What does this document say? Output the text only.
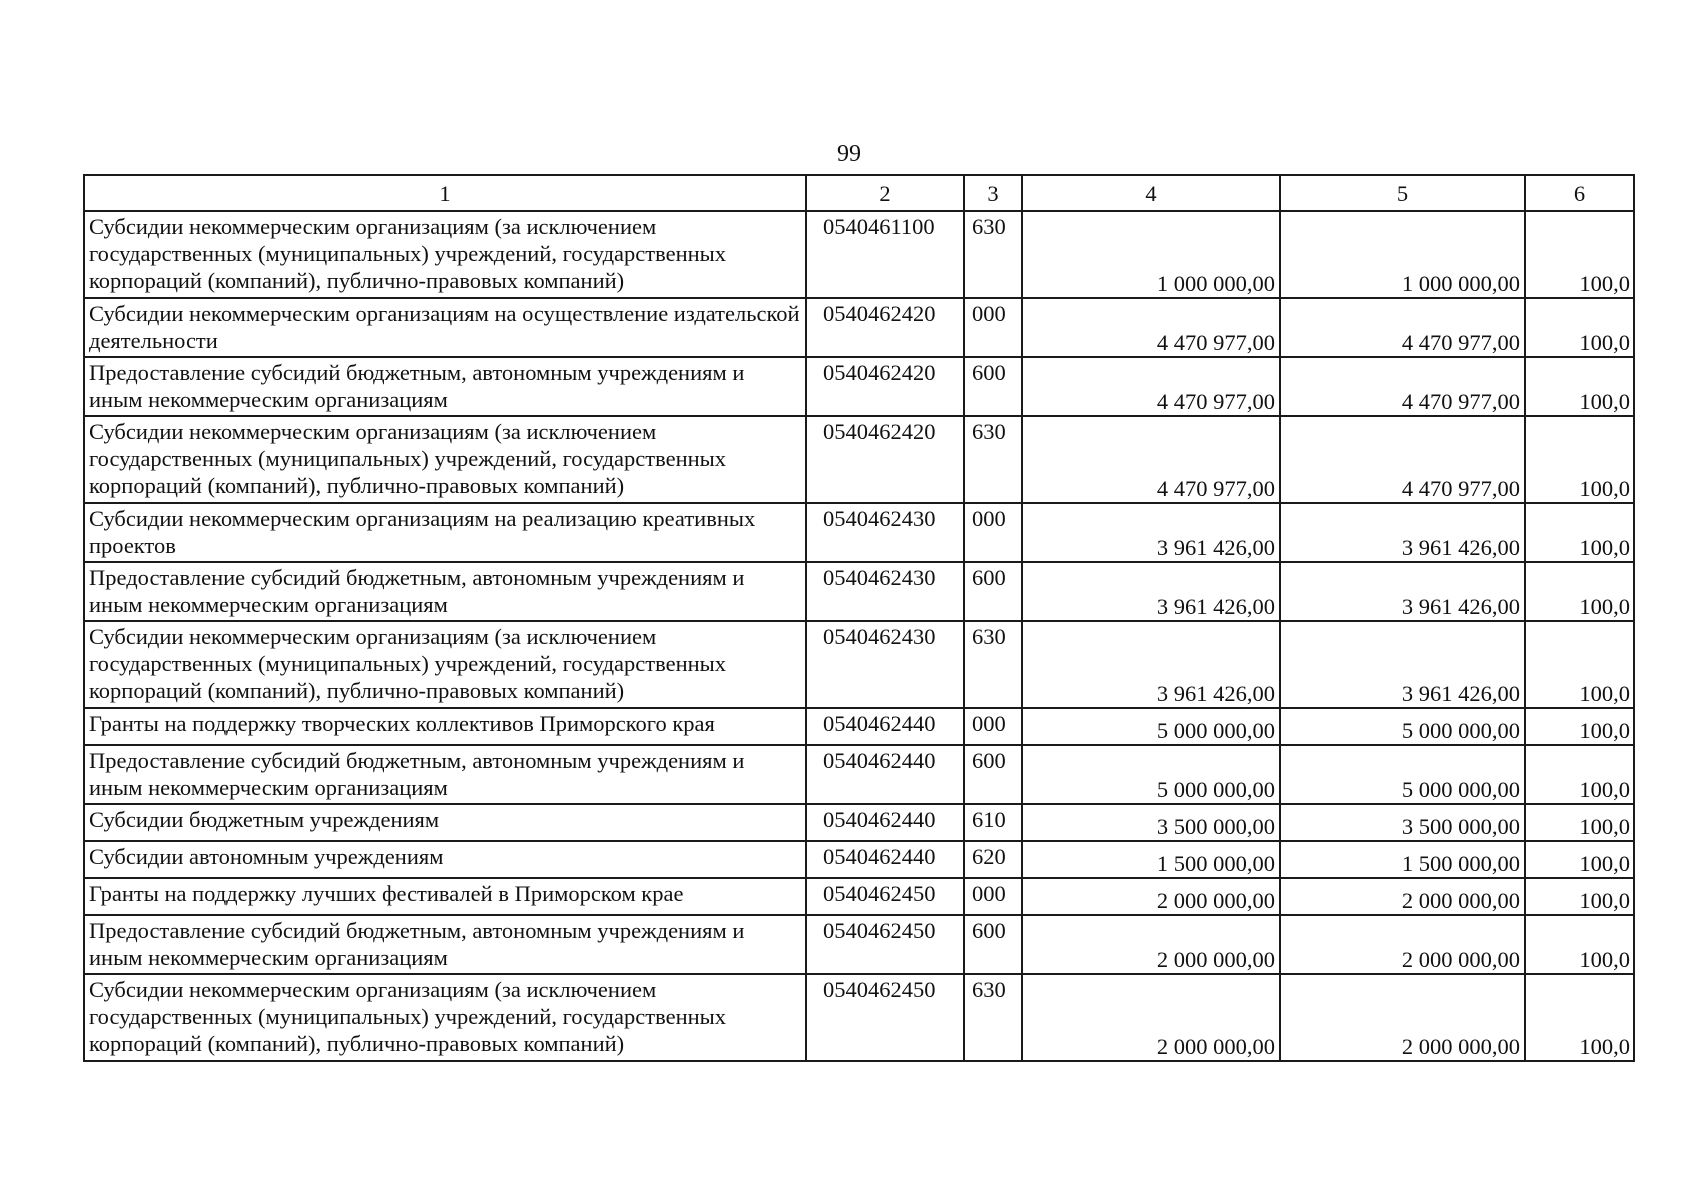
99
1	2	3	4	5	6
Субсидии некоммерческим организациям (за исключением государственных (муниципальных) учреждений, государственных корпораций (компаний), публично-правовых компаний)	0540461100	630	1 000 000,00	1 000 000,00	100,0
Субсидии некоммерческим организациям на осуществление издательской деятельности	0540462420	000	4 470 977,00	4 470 977,00	100,0
Предоставление субсидий бюджетным, автономным учреждениям и иным некоммерческим организациям	0540462420	600	4 470 977,00	4 470 977,00	100,0
Субсидии некоммерческим организациям (за исключением государственных (муниципальных) учреждений, государственных корпораций (компаний), публично-правовых компаний)	0540462420	630	4 470 977,00	4 470 977,00	100,0
Субсидии некоммерческим организациям на реализацию креативных проектов	0540462430	000	3 961 426,00	3 961 426,00	100,0
Предоставление субсидий бюджетным, автономным учреждениям и иным некоммерческим организациям	0540462430	600	3 961 426,00	3 961 426,00	100,0
Субсидии некоммерческим организациям (за исключением государственных (муниципальных) учреждений, государственных корпораций (компаний), публично-правовых компаний)	0540462430	630	3 961 426,00	3 961 426,00	100,0
Гранты на поддержку творческих коллективов Приморского края	0540462440	000	5 000 000,00	5 000 000,00	100,0
Предоставление субсидий бюджетным, автономным учреждениям и иным некоммерческим организациям	0540462440	600	5 000 000,00	5 000 000,00	100,0
Субсидии бюджетным учреждениям	0540462440	610	3 500 000,00	3 500 000,00	100,0
Субсидии автономным учреждениям	0540462440	620	1 500 000,00	1 500 000,00	100,0
Гранты на поддержку лучших фестивалей в Приморском крае	0540462450	000	2 000 000,00	2 000 000,00	100,0
Предоставление субсидий бюджетным, автономным учреждениям и иным некоммерческим организациям	0540462450	600	2 000 000,00	2 000 000,00	100,0
Субсидии некоммерческим организациям (за исключением государственных (муниципальных) учреждений, государственных корпораций (компаний), публично-правовых компаний)	0540462450	630	2 000 000,00	2 000 000,00	100,0
